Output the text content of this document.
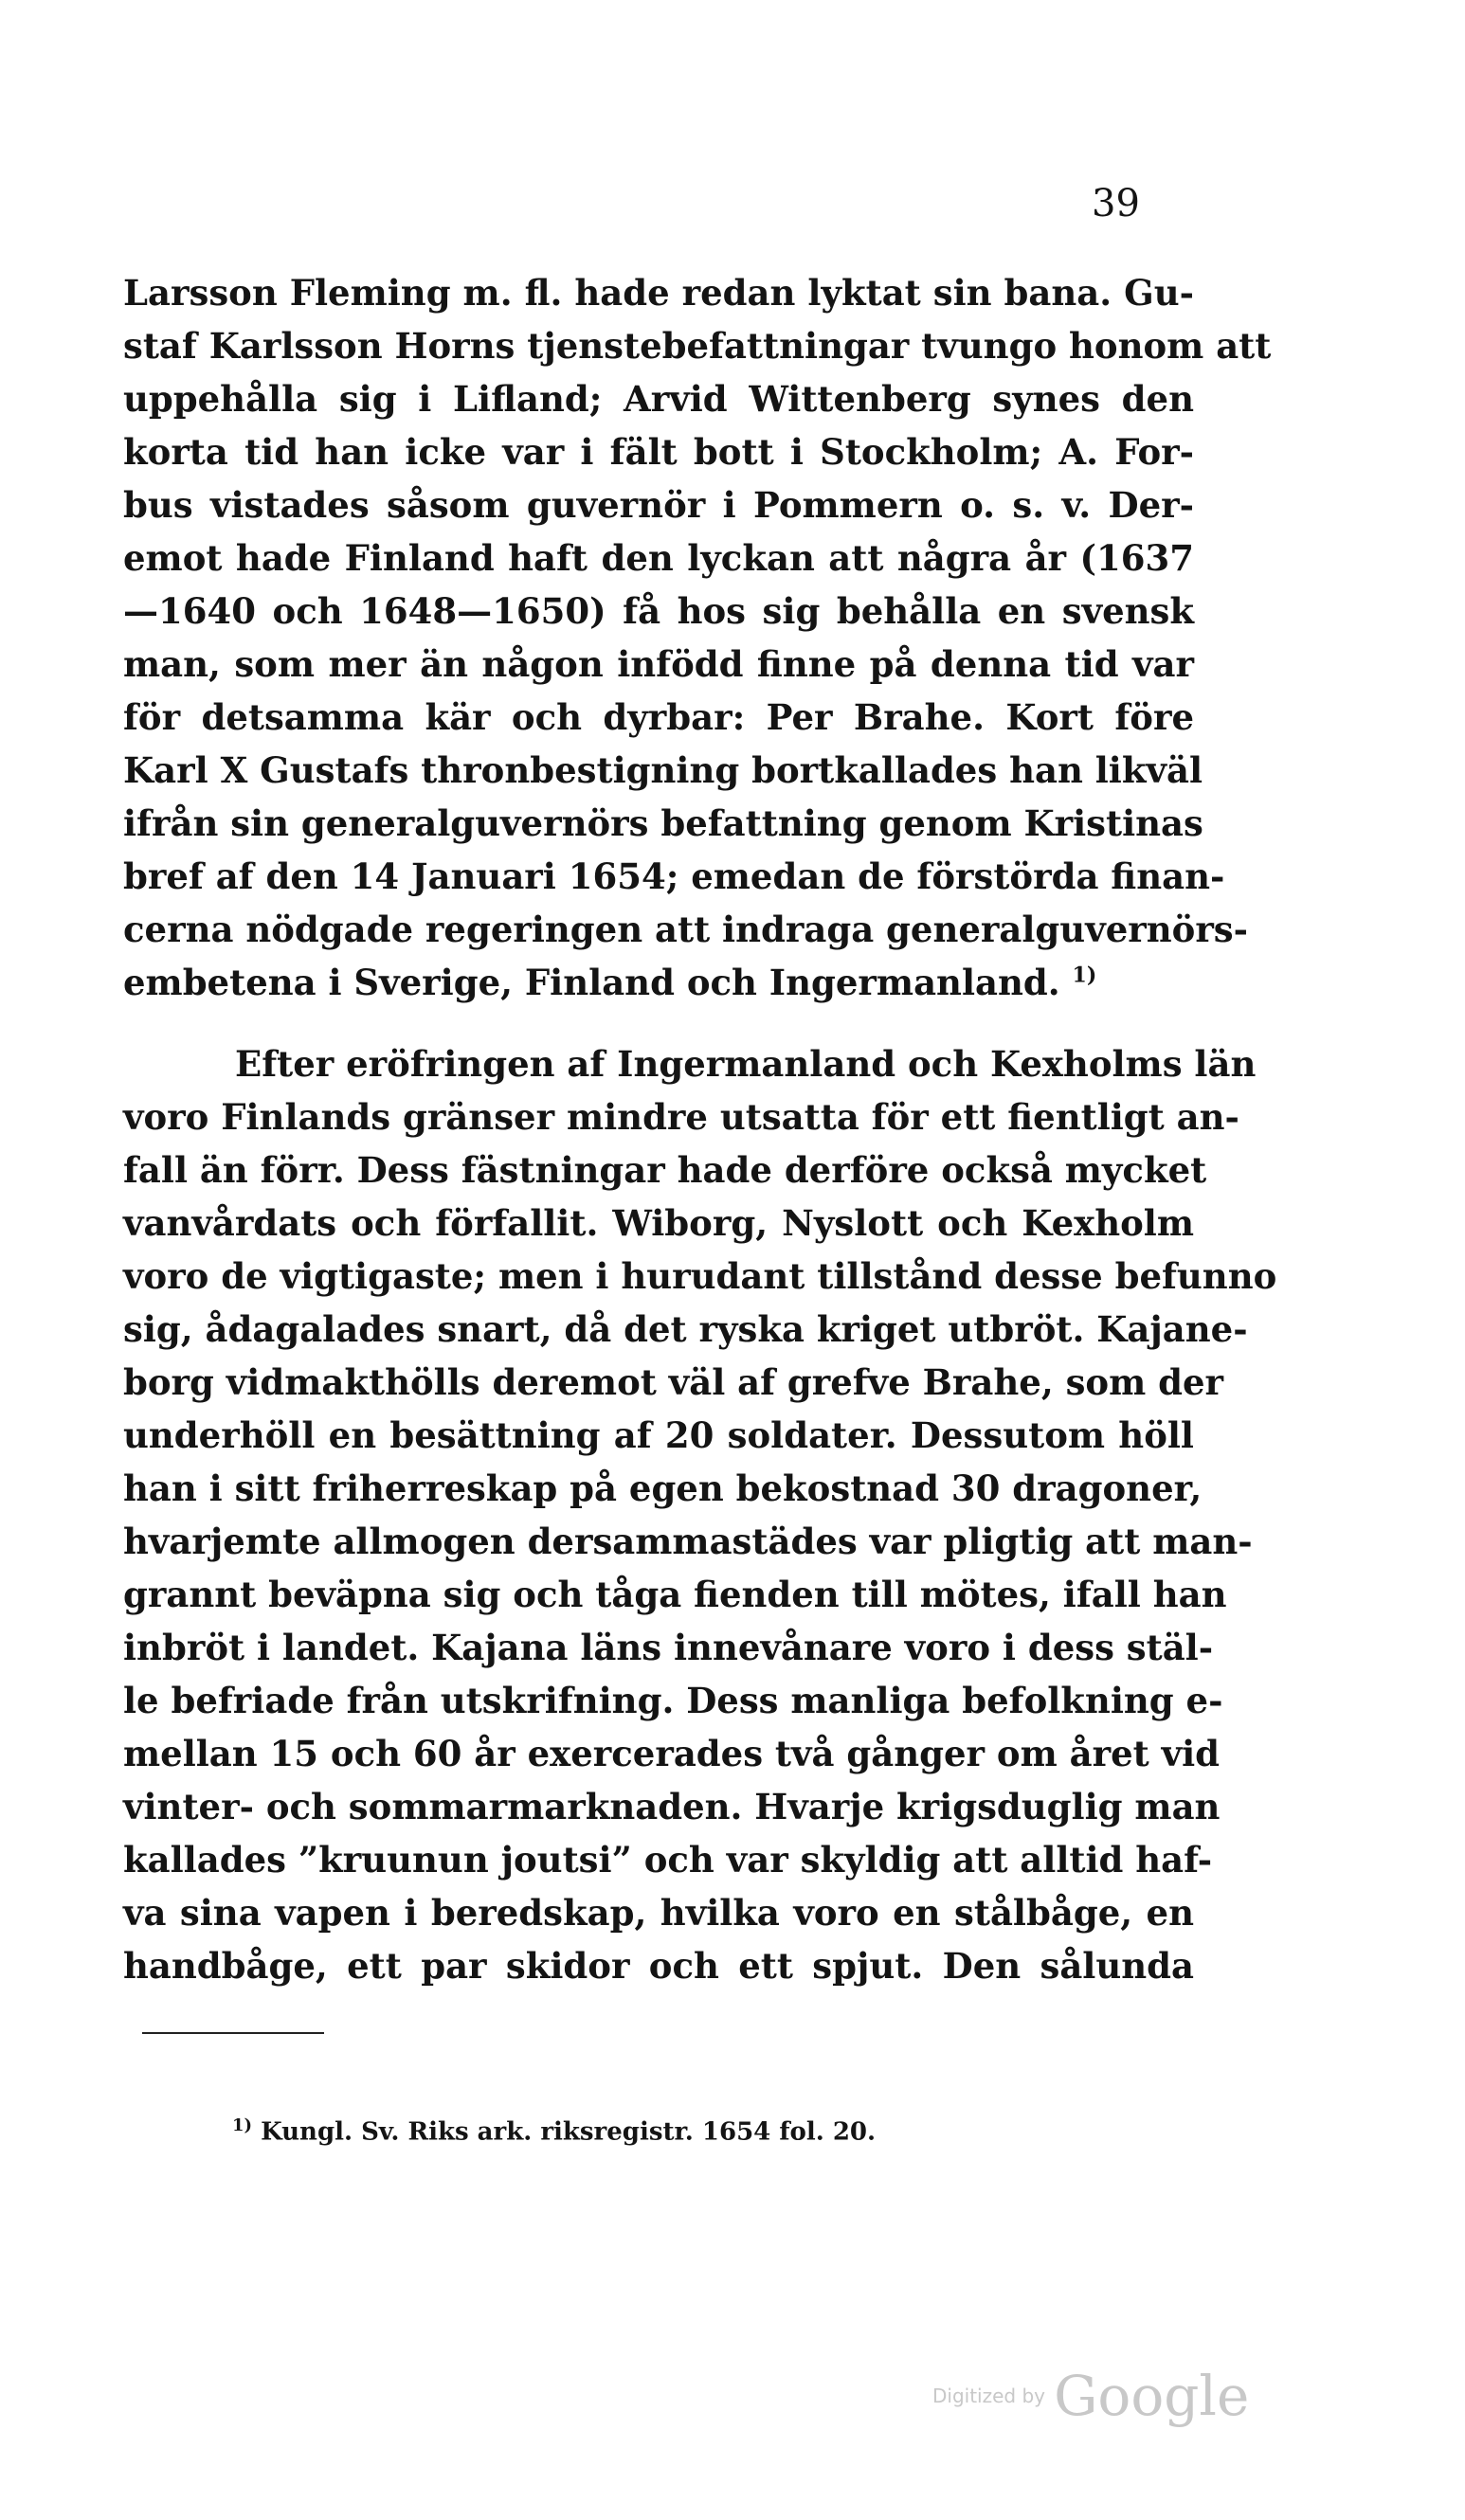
39
Larsson Fleming m. fl. hade redan lyktat sin bana. Gu-
staf Karlsson Horns tjenstebefattningar tvungo honom att
uppehålla sig i Lifland; Arvid Wittenberg synes den
korta tid han icke var i fält bott i Stockholm; A. For-
bus vistades såsom guvernör i Pommern o. s. v. Der-
emot hade Finland haft den lyckan att några år (1637
—1640 och 1648—1650) få hos sig behålla en svensk
man, som mer än någon infödd finne på denna tid var
för detsamma kär och dyrbar: Per Brahe. Kort före
Karl X Gustafs thronbestigning bortkallades han likväl
ifrån sin generalguvernörs befattning genom Kristinas
bref af den 14 Januari 1654; emedan de förstörda finan-
cerna nödgade regeringen att indraga generalguvernörs-
embetena i Sverige, Finland och Ingermanland. $^{1)}$
Efter eröfringen af Ingermanland och Kexholms län
voro Finlands gränser mindre utsatta för ett fientligt an-
fall än förr. Dess fästningar hade derföre också mycket
vanvårdats och förfallit. Wiborg, Nyslott och Kexholm
voro de vigtigaste; men i hurudant tillstånd desse befunno
sig, ådagalades snart, då det ryska kriget utbröt. Kajane-
borg vidmakthölls deremot väl af grefve Brahe, som der
underhöll en besättning af 20 soldater. Dessutom höll
han i sitt friherreskap på egen bekostnad 30 dragoner,
hvarjemte allmogen dersammastädes var pligtig att man-
grannt beväpna sig och tåga fienden till mötes, ifall han
inbröt i landet. Kajana läns innevånare voro i dess stäl-
le befriade från utskrifning. Dess manliga befolkning e-
mellan 15 och 60 år exercerades två gånger om året vid
vinter- och sommarmarknaden. Hvarje krigsduglig man
kallades ”kruunun joutsi” och var skyldig att alltid haf-
va sina vapen i beredskap, hvilka voro en stålbåge, en
handbåge, ett par skidor och ett spjut. Den sålunda
$^{1)}$ Kungl. Sv. Riks ark. riksregistr. 1654 fol. 20.
Digitized by Google
